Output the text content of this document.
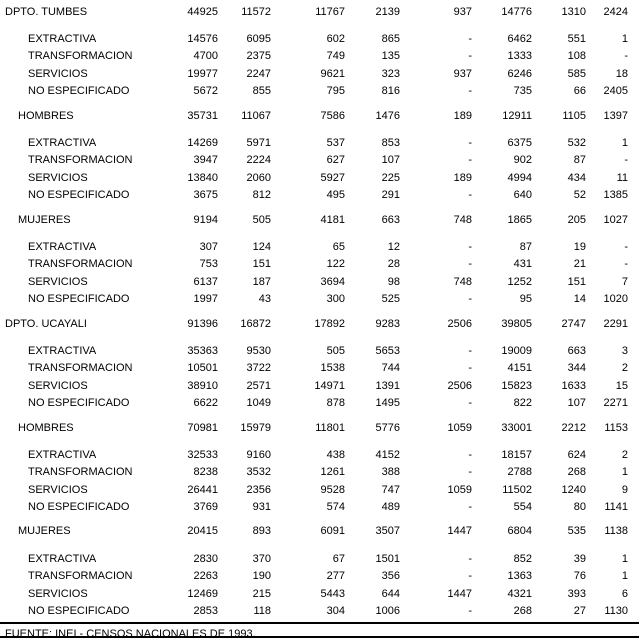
DPTO. TUMBES	44925	11572	11767	2139	937	14776	1310	2424
EXTRACTIVA	14576	6095	602	865	-	6462	551	1
TRANSFORMACION	4700	2375	749	135	-	1333	108	-
SERVICIOS	19977	2247	9621	323	937	6246	585	18
NO ESPECIFICADO	5672	855	795	816	-	735	66	2405
HOMBRES	35731	11067	7586	1476	189	12911	1105	1397
EXTRACTIVA	14269	5971	537	853	-	6375	532	1
TRANSFORMACION	3947	2224	627	107	-	902	87	-
SERVICIOS	13840	2060	5927	225	189	4994	434	11
NO ESPECIFICADO	3675	812	495	291	-	640	52	1385
MUJERES	9194	505	4181	663	748	1865	205	1027
EXTRACTIVA	307	124	65	12	-	87	19	-
TRANSFORMACION	753	151	122	28	-	431	21	-
SERVICIOS	6137	187	3694	98	748	1252	151	7
NO ESPECIFICADO	1997	43	300	525	-	95	14	1020
DPTO. UCAYALI	91396	16872	17892	9283	2506	39805	2747	2291
EXTRACTIVA	35363	9530	505	5653	-	19009	663	3
TRANSFORMACION	10501	3722	1538	744	-	4151	344	2
SERVICIOS	38910	2571	14971	1391	2506	15823	1633	15
NO ESPECIFICADO	6622	1049	878	1495	-	822	107	2271
HOMBRES	70981	15979	11801	5776	1059	33001	2212	1153
EXTRACTIVA	32533	9160	438	4152	-	18157	624	2
TRANSFORMACION	8238	3532	1261	388	-	2788	268	1
SERVICIOS	26441	2356	9528	747	1059	11502	1240	9
NO ESPECIFICADO	3769	931	574	489	-	554	80	1141
MUJERES	20415	893	6091	3507	1447	6804	535	1138
EXTRACTIVA	2830	370	67	1501	-	852	39	1
TRANSFORMACION	2263	190	277	356	-	1363	76	1
SERVICIOS	12469	215	5443	644	1447	4321	393	6
NO ESPECIFICADO	2853	118	304	1006	-	268	27	1130
FUENTE: INEI - CENSOS NACIONALES DE 1993.
